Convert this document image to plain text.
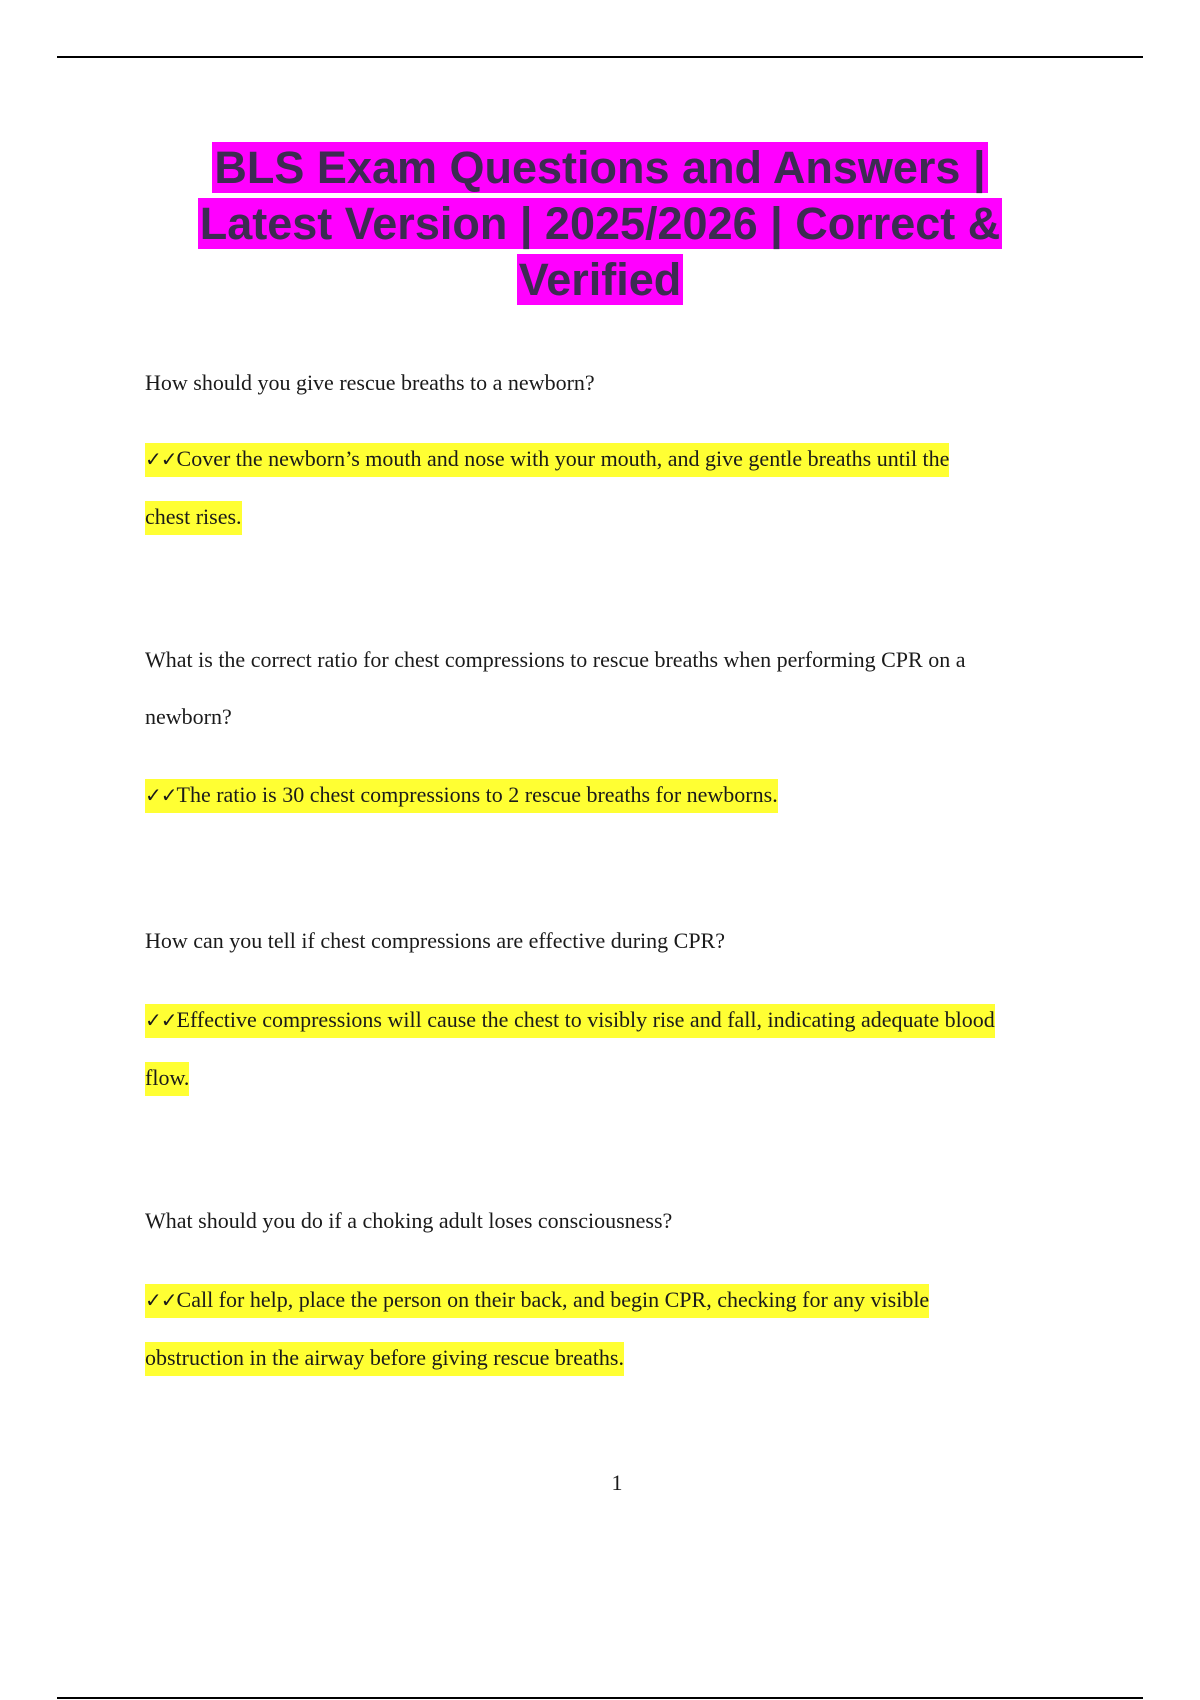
BLS Exam Questions and Answers |
Latest Version | 2025/2026 | Correct &
Verified

How should you give rescue breaths to a newborn?

✓✓Cover the newborn’s mouth and nose with your mouth, and give gentle breaths until the

chest rises.

What is the correct ratio for chest compressions to rescue breaths when performing CPR on a

newborn?

✓✓The ratio is 30 chest compressions to 2 rescue breaths for newborns.

How can you tell if chest compressions are effective during CPR?

✓✓Effective compressions will cause the chest to visibly rise and fall, indicating adequate blood

flow.

What should you do if a choking adult loses consciousness?

✓✓Call for help, place the person on their back, and begin CPR, checking for any visible

obstruction in the airway before giving rescue breaths.

1
